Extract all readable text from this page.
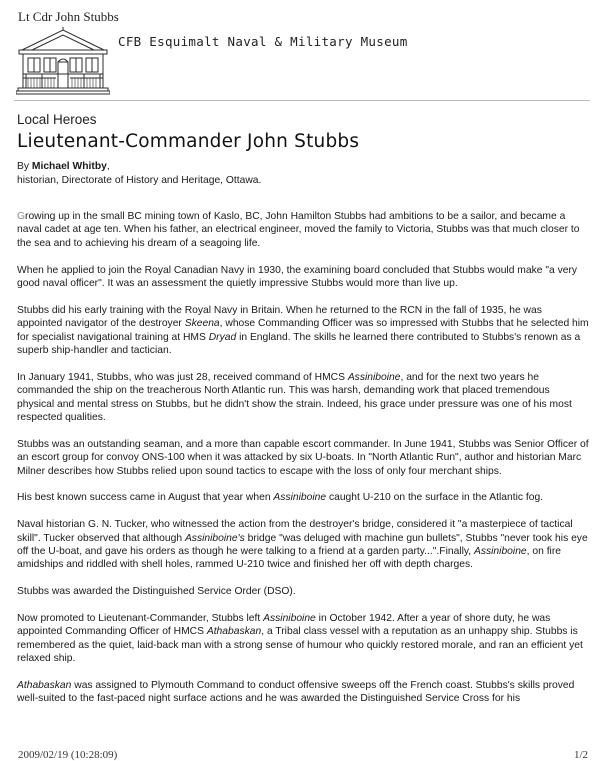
Lt Cdr John Stubbs
CFB Esquimalt Naval & Military Museum
Local Heroes
Lieutenant-Commander John Stubbs
By Michael Whitby,
historian, Directorate of History and Heritage, Ottawa.

Growing up in the small BC mining town of Kaslo, BC, John Hamilton Stubbs had ambitions to be a sailor, and became a naval cadet at age ten. When his father, an electrical engineer, moved the family to Victoria, Stubbs was that much closer to the sea and to achieving his dream of a seagoing life.

When he applied to join the Royal Canadian Navy in 1930, the examining board concluded that Stubbs would make "a very good naval officer". It was an assessment the quietly impressive Stubbs would more than live up.

Stubbs did his early training with the Royal Navy in Britain. When he returned to the RCN in the fall of 1935, he was appointed navigator of the destroyer Skeena, whose Commanding Officer was so impressed with Stubbs that he selected him for specialist navigational training at HMS Dryad in England. The skills he learned there contributed to Stubbs's renown as a superb ship-handler and tactician.

In January 1941, Stubbs, who was just 28, received command of HMCS Assiniboine, and for the next two years he commanded the ship on the treacherous North Atlantic run. This was harsh, demanding work that placed tremendous physical and mental stress on Stubbs, but he didn't show the strain. Indeed, his grace under pressure was one of his most respected qualities.

Stubbs was an outstanding seaman, and a more than capable escort commander. In June 1941, Stubbs was Senior Officer of an escort group for convoy ONS-100 when it was attacked by six U-boats. In "North Atlantic Run", author and historian Marc Milner describes how Stubbs relied upon sound tactics to escape with the loss of only four merchant ships.

His best known success came in August that year when Assiniboine caught U-210 on the surface in the Atlantic fog.

Naval historian G. N. Tucker, who witnessed the action from the destroyer's bridge, considered it "a masterpiece of tactical skill". Tucker observed that although Assiniboine's bridge "was deluged with machine gun bullets", Stubbs "never took his eye off the U-boat, and gave his orders as though he were talking to a friend at a garden party...".Finally, Assiniboine, on fire amidships and riddled with shell holes, rammed U-210 twice and finished her off with depth charges.

Stubbs was awarded the Distinguished Service Order (DSO).

Now promoted to Lieutenant-Commander, Stubbs left Assiniboine in October 1942. After a year of shore duty, he was appointed Commanding Officer of HMCS Athabaskan, a Tribal class vessel with a reputation as an unhappy ship. Stubbs is remembered as the quiet, laid-back man with a strong sense of humour who quickly restored morale, and ran an efficient yet relaxed ship.

Athabaskan was assigned to Plymouth Command to conduct offensive sweeps off the French coast. Stubbs's skills proved well-suited to the fast-paced night surface actions and he was awarded the Distinguished Service Cross for his

2009/02/19 (10:28:09)	1/2
